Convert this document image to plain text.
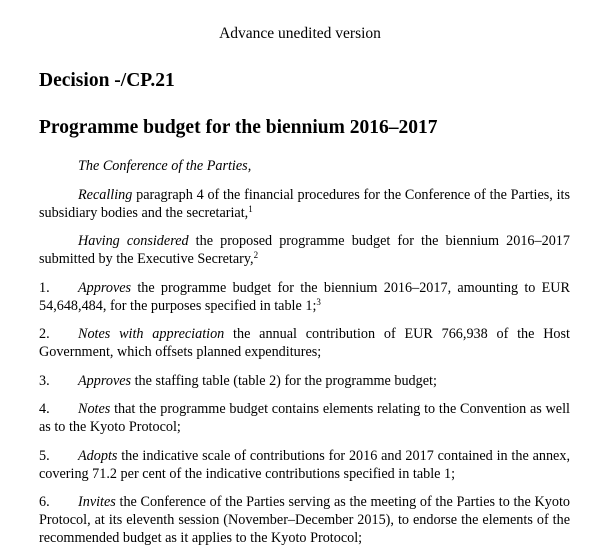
Advance unedited version
Decision -/CP.21
Programme budget for the biennium 2016–2017

The Conference of the Parties,

Recalling paragraph 4 of the financial procedures for the Conference of the Parties, its subsidiary bodies and the secretariat,$^1$

Having considered the proposed programme budget for the biennium 2016–2017 submitted by the Executive Secretary,$^2$

1. Approves the programme budget for the biennium 2016–2017, amounting to EUR 54,648,484, for the purposes specified in table 1;$^3$

2. Notes with appreciation the annual contribution of EUR 766,938 of the Host Government, which offsets planned expenditures;

3. Approves the staffing table (table 2) for the programme budget;

4. Notes that the programme budget contains elements relating to the Convention as well as to the Kyoto Protocol;

5. Adopts the indicative scale of contributions for 2016 and 2017 contained in the annex, covering 71.2 per cent of the indicative contributions specified in table 1;

6. Invites the Conference of the Parties serving as the meeting of the Parties to the Kyoto Protocol, at its eleventh session (November–December 2015), to endorse the elements of the recommended budget as it applies to the Kyoto Protocol;
